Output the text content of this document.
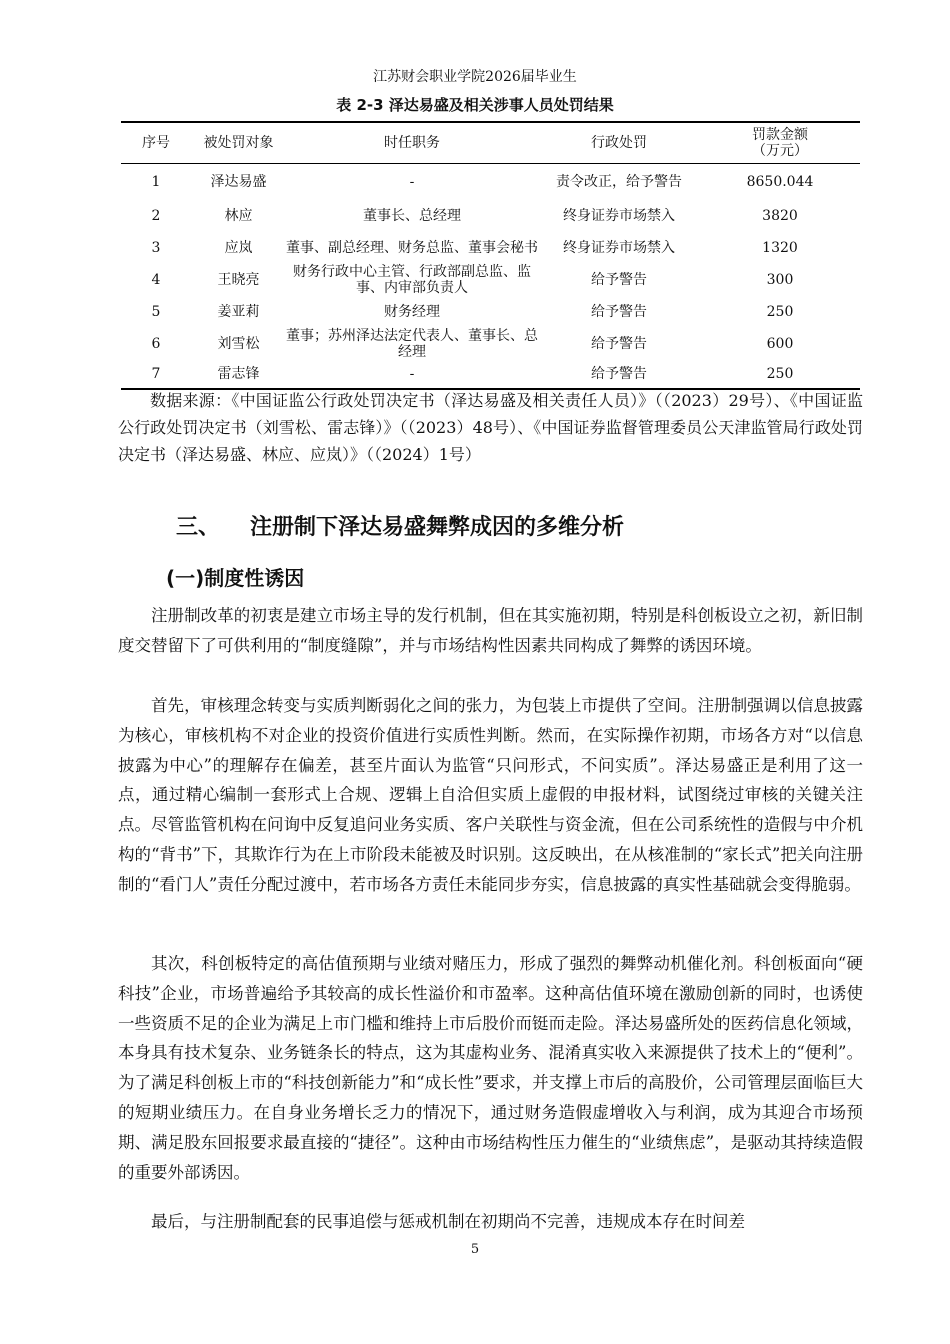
江苏财会职业学院2026届毕业生
表 2-3 泽达易盛及相关涉事人员处罚结果
序号	被处罚对象	时任职务	行政处罚	罚款金额
（万元）

1	泽达易盛	-	责令改正，给予警告	8650.044
2	林应	董事长、总经理	终身证券市场禁入	3820
3	应岚	董事、副总经理、财务总监、董事会秘书	终身证券市场禁入	1320
4	王晓亮	财务行政中心主管、行政部副总监、监事、内审部负责人	给予警告	300
5	姜亚莉	财务经理	给予警告	250
6	刘雪松	董事；苏州泽达法定代表人、董事长、总经理	给予警告	600
7	雷志锋	-	给予警告	250

数据来源：《中国证监公行政处罚决定书（泽达易盛及相关责任人员）》（（2023）29号）、《中国证监公行政处罚决定书（刘雪松、雷志锋）》（（2023）48号）、《中国证券监督管理委员公天津监管局行政处罚决定书（泽达易盛、林应、应岚）》（（2024）1号）

三、 注册制下泽达易盛舞弊成因的多维分析
(一)制度性诱因

注册制改革的初衷是建立市场主导的发行机制，但在其实施初期，特别是科创板设立之初，新旧制度交替留下了可供利用的“制度缝隙”，并与市场结构性因素共同构成了舞弊的诱因环境。

首先，审核理念转变与实质判断弱化之间的张力，为包装上市提供了空间。注册制强调以信息披露为核心，审核机构不对企业的投资价值进行实质性判断。然而，在实际操作初期，市场各方对“以信息披露为中心”的理解存在偏差，甚至片面认为监管“只问形式，不问实质”。泽达易盛正是利用了这一点，通过精心编制一套形式上合规、逻辑上自洽但实质上虚假的申报材料，试图绕过审核的关键关注点。尽管监管机构在问询中反复追问业务实质、客户关联性与资金流，但在公司系统性的造假与中介机构的“背书”下，其欺诈行为在上市阶段未能被及时识别。这反映出，在从核准制的“家长式”把关向注册制的“看门人”责任分配过渡中，若市场各方责任未能同步夯实，信息披露的真实性基础就会变得脆弱。

其次，科创板特定的高估值预期与业绩对赌压力，形成了强烈的舞弊动机催化剂。科创板面向“硬科技”企业，市场普遍给予其较高的成长性溢价和市盈率。这种高估值环境在激励创新的同时，也诱使一些资质不足的企业为满足上市门槛和维持上市后股价而铤而走险。泽达易盛所处的医药信息化领域，本身具有技术复杂、业务链条长的特点，这为其虚构业务、混淆真实收入来源提供了技术上的“便利”。为了满足科创板上市的“科技创新能力”和“成长性”要求，并支撑上市后的高股价，公司管理层面临巨大的短期业绩压力。在自身业务增长乏力的情况下，通过财务造假虚增收入与利润，成为其迎合市场预期、满足股东回报要求最直接的“捷径”。这种由市场结构性压力催生的“业绩焦虑”，是驱动其持续造假的重要外部诱因。

最后，与注册制配套的民事追偿与惩戒机制在初期尚不完善，违规成本存在时间差

5
